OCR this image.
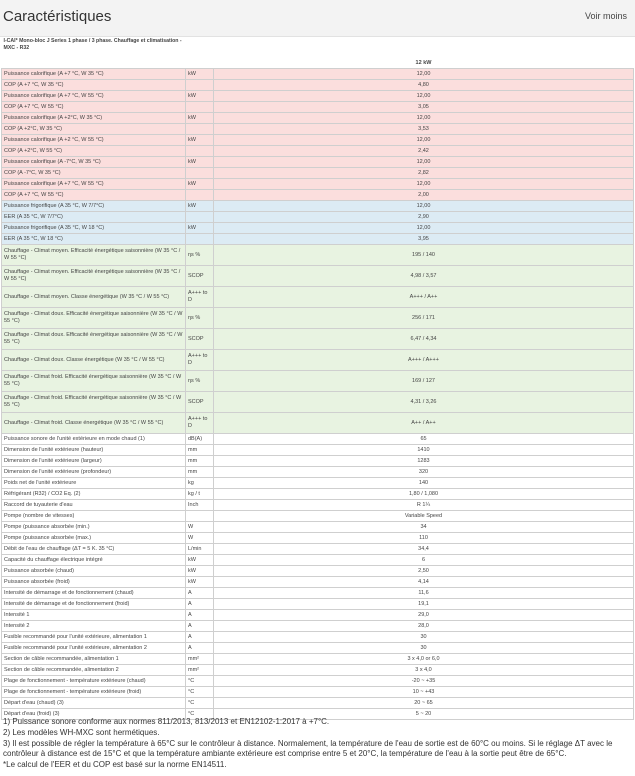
Caractéristiques	Voir moins
I-CAI* Mono-bloc J Series 1 phase / 3 phase. Chauffage et climatisation - MXC - R32		
		12 kW
Puissance calorifique (A +7 °C, W 35 °C)	kW	12,00
COP (A +7 °C, W 35 °C)		4,80
Puissance calorifique (A +7 °C, W 55 °C)	kW	12,00
COP (A +7 °C, W 55 °C)		3,05
Puissance calorifique (A +2°C, W 35 °C)	kW	12,00
COP (A +2°C, W 35 °C)		3,53
Puissance calorifique (A +2 °C, W 55 °C)	kW	12,00
COP (A +2°C, W 55 °C)		2,42
Puissance calorifique (A -7°C, W 35 °C)	kW	12,00
COP (A -7°C, W 35 °C)		2,82
Puissance calorifique (A +7 °C, W 55 °C)	kW	12,00
COP (A +7 °C, W 55 °C)		2,00
Puissance frigorifique (A 35 °C, W 7/7°C)	kW	12,00
EER (A 35 °C, W 7/7°C)		2,90
Puissance frigorifique (A 35 °C, W 18 °C)	kW	12,00
EER (A 35 °C, W 18 °C)		3,95
Chauffage - Climat moyen. Efficacité énergétique saisonnière (W 35 °C / W 55 °C)	ηs %	195 / 140
Chauffage - Climat moyen. Efficacité énergétique saisonnière (W 35 °C / W 55 °C)	SCOP	4,98 / 3,57
Chauffage - Climat moyen. Classe énergétique (W 35 °C / W 55 °C)	A+++ to D	A+++ / A++
Chauffage - Climat doux. Efficacité énergétique saisonnière (W 35 °C / W 55 °C)	ηs %	256 / 171
Chauffage - Climat doux. Efficacité énergétique saisonnière (W 35 °C / W 55 °C)	SCOP	6,47 / 4,34
Chauffage - Climat doux. Classe énergétique (W 35 °C / W 55 °C)	A+++ to D	A+++ / A+++
Chauffage - Climat froid. Efficacité énergétique saisonnière (W 35 °C / W 55 °C)	ηs %	169 / 127
Chauffage - Climat froid. Efficacité énergétique saisonnière (W 35 °C / W 55 °C)	SCOP	4,31 / 3,26
Chauffage - Climat froid. Classe énergétique (W 35 °C / W 55 °C)	A+++ to D	A++ / A++
Puissance sonore de l'unité extérieure en mode chaud (1)	dB(A)	65
Dimension de l'unité extérieure (hauteur)	mm	1410
Dimension de l'unité extérieure (largeur)	mm	1283
Dimension de l'unité extérieure (profondeur)	mm	320
Poids net de l'unité extérieure	kg	140
Réfrigérant (R32) / CO2 Eq. (2)	kg / t	1,80 / 1,080
Raccord de tuyauterie d'eau	Inch	R 1¼
Pompe (nombre de vitesses)		Variable Speed
Pompe (puissance absorbée (min.)	W	34
Pompe (puissance absorbée (max.)	W	110
Débit de l'eau de chauffage (ΔT = 5 K. 35 °C)	L/min	34,4
Capacité du chauffage électrique intégré	kW	6
Puissance absorbée (chaud)	kW	2,50
Puissance absorbée (froid)	kW	4,14
Intensité de démarrage et de fonctionnement (chaud)	A	11,6
Intensité de démarrage et de fonctionnement (froid)	A	19,1
Intensité 1	A	29,0
Intensité 2	A	28,0
Fusible recommandé pour l'unité extérieure, alimentation 1	A	30
Fusible recommandé pour l'unité extérieure, alimentation 2	A	30
Section de câble recommandée, alimentation 1	mm²	3 x 4,0 or 6,0
Section de câble recommandée, alimentation 2	mm²	3 x 4,0
Plage de fonctionnement - température extérieure (chaud)	°C	-20 ~ +35
Plage de fonctionnement - température extérieure (froid)	°C	10 ~ +43
Départ d'eau (chaud) (3)	°C	20 ~ 65
Départ d'eau (froid) (3)	°C	5 ~ 20

1) Puissance sonore conforme aux normes 811/2013, 813/2013 et EN12102-1:2017 à +7°C.

2) Les modèles WH-MXC sont hermétiques.

3) Il est possible de régler la température à 65°C sur le contrôleur à distance. Normalement, la température de l'eau de sortie est de 60°C ou moins. Si le réglage ΔT avec le contrôleur à distance est de 15°C et que la température ambiante extérieure est comprise entre 5 et 20°C, la température de l'eau à la sortie peut être de 65°C.

*Le calcul de l'EER et du COP est basé sur la norme EN14511.
